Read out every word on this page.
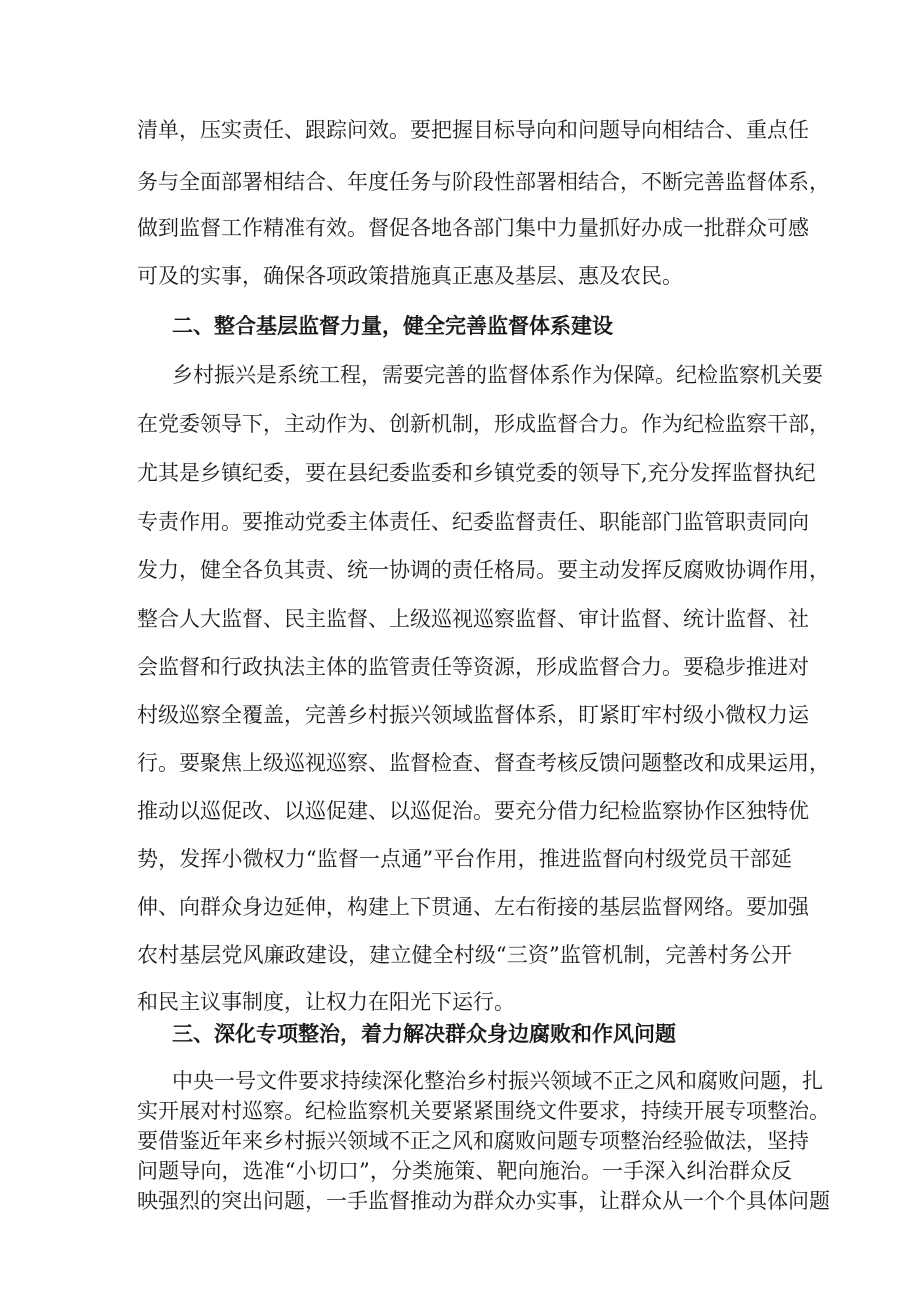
清单，压实责任、跟踪问效。要把握目标导向和问题导向相结合、重点任
务与全面部署相结合、年度任务与阶段性部署相结合，不断完善监督体系，
做到监督工作精准有效。督促各地各部门集中力量抓好办成一批群众可感
可及的实事，确保各项政策措施真正惠及基层、惠及农民。
二、整合基层监督力量，健全完善监督体系建设
乡村振兴是系统工程，需要完善的监督体系作为保障。纪检监察机关要
在党委领导下，主动作为、创新机制，形成监督合力。作为纪检监察干部，
尤其是乡镇纪委，要在县纪委监委和乡镇党委的领导下,充分发挥监督执纪
专责作用。要推动党委主体责任、纪委监督责任、职能部门监管职责同向
发力，健全各负其责、统一协调的责任格局。要主动发挥反腐败协调作用，
整合人大监督、民主监督、上级巡视巡察监督、审计监督、统计监督、社
会监督和行政执法主体的监管责任等资源，形成监督合力。要稳步推进对
村级巡察全覆盖，完善乡村振兴领域监督体系，盯紧盯牢村级小微权力运
行。要聚焦上级巡视巡察、监督检查、督查考核反馈问题整改和成果运用，
推动以巡促改、以巡促建、以巡促治。要充分借力纪检监察协作区独特优
势，发挥小微权力“监督一点通”平台作用，推进监督向村级党员干部延
伸、向群众身边延伸，构建上下贯通、左右衔接的基层监督网络。要加强
农村基层党风廉政建设，建立健全村级“三资”监管机制，完善村务公开
和民主议事制度，让权力在阳光下运行。
三、深化专项整治，着力解决群众身边腐败和作风问题
中央一号文件要求持续深化整治乡村振兴领域不正之风和腐败问题，扎
实开展对村巡察。纪检监察机关要紧紧围绕文件要求，持续开展专项整治。
要借鉴近年来乡村振兴领域不正之风和腐败问题专项整治经验做法，坚持
问题导向，选准“小切口”，分类施策、靶向施治。一手深入纠治群众反
映强烈的突出问题，一手监督推动为群众办实事，让群众从一个个具体问题
